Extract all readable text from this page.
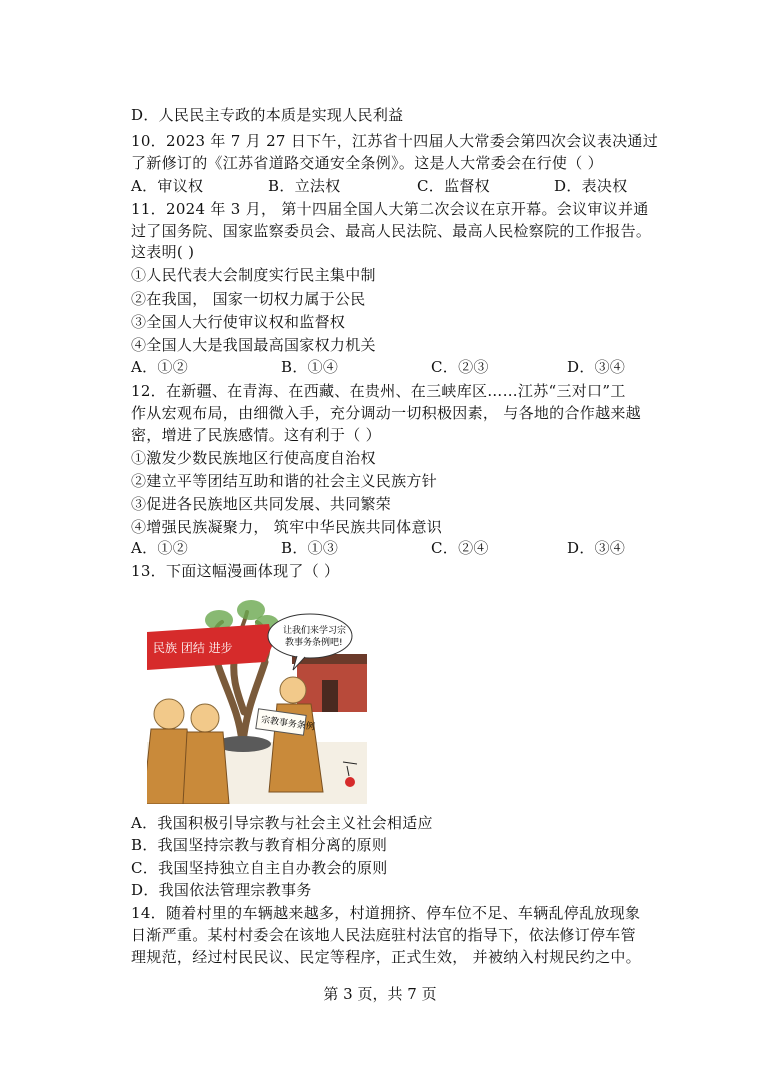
D．人民民主专政的本质是实现人民利益
10．2023 年 7 月 27 日下午，江苏省十四届人大常委会第四次会议表决通过
了新修订的《江苏省道路交通安全条例》。这是人大常委会在行使（ ）
A．审议权	B．立法权	C．监督权	D．表决权
11．2024 年 3 月， 第十四届全国人大第二次会议在京开幕。会议审议并通
过了国务院、国家监察委员会、最高人民法院、最高人民检察院的工作报告。
这表明( )
①人民代表大会制度实行民主集中制
②在我国， 国家一切权力属于公民
③全国人大行使审议权和监督权
④全国人大是我国最高国家权力机关
A．①②	B．①④	C．②③	D．③④
12．在新疆、在青海、在西藏、在贵州、在三峡库区……江苏“三对口”工
作从宏观布局，由细微入手，充分调动一切积极因素， 与各地的合作越来越
密，增进了民族感情。这有利于（ ）
①激发少数民族地区行使高度自治权
②建立平等团结互助和谐的社会主义民族方针
③促进各民族地区共同发展、共同繁荣
④增强民族凝聚力， 筑牢中华民族共同体意识
A．①②	B．①③	C．②④	D．③④
13．下面这幅漫画体现了（ ）
民族 团结 进步
让我们来学习宗
教事务条例吧!
宗教事务条例
A．我国积极引导宗教与社会主义社会相适应
B．我国坚持宗教与教育相分离的原则
C．我国坚持独立自主自办教会的原则
D．我国依法管理宗教事务
14．随着村里的车辆越来越多，村道拥挤、停车位不足、车辆乱停乱放现象
日渐严重。某村村委会在该地人民法庭驻村法官的指导下，依法修订停车管
理规范，经过村民民议、民定等程序，正式生效， 并被纳入村规民约之中。
第 3 页，共 7 页
